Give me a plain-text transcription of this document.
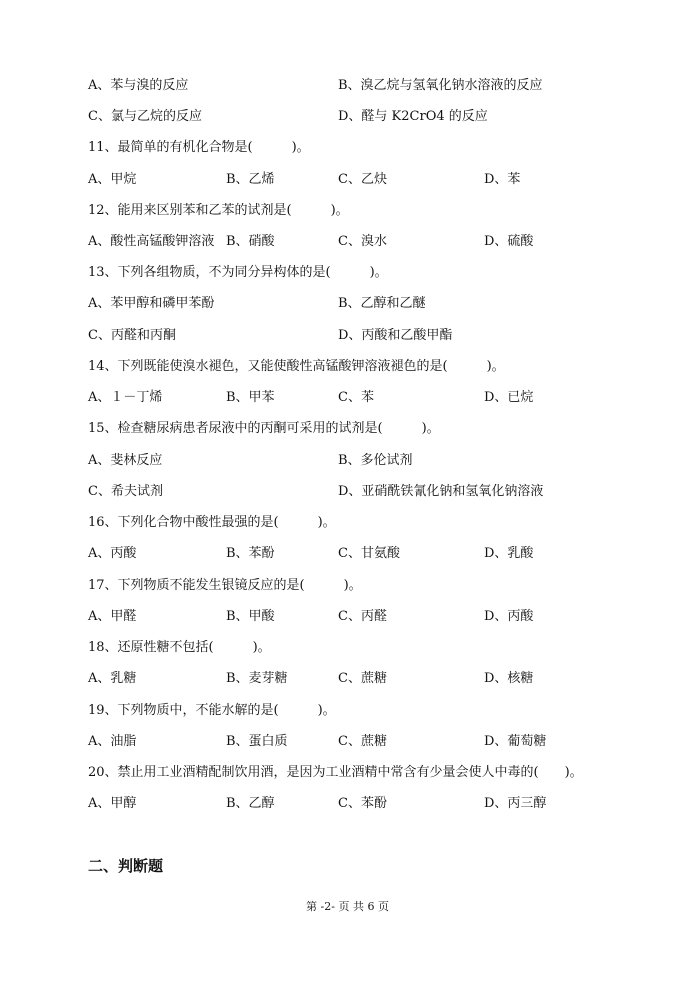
A、苯与溴的反应	B、溴乙烷与氢氧化钠水溶液的反应
C、氯与乙烷的反应	D、醛与 K2CrO4 的反应
11、最简单的有机化合物是(　　　)。
A、甲烷	B、乙烯	C、乙炔	D、苯
12、能用来区别苯和乙苯的试剂是(　　　)。
A、酸性高锰酸钾溶液 B、硝酸	C、溴水	D、硫酸
13、下列各组物质，不为同分异构体的是(　　　)。
A、苯甲醇和磷甲苯酚	B、乙醇和乙醚
C、丙醛和丙酮	D、丙酸和乙酸甲酯
14、下列既能使溴水褪色，又能使酸性高锰酸钾溶液褪色的是(　　　)。
A、１－丁烯	B、甲苯	C、苯	D、已烷
15、检查糖尿病患者尿液中的丙酮可采用的试剂是(　　　)。
A、斐林反应	B、多伦试剂
C、希夫试剂	D、亚硝酰铁氰化钠和氢氧化钠溶液
16、下列化合物中酸性最强的是(　　　)。
A、丙酸	B、苯酚	C、甘氨酸	D、乳酸
17、下列物质不能发生银镜反应的是(　　　)。
A、甲醛	B、甲酸	C、丙醛	D、丙酸
18、还原性糖不包括(　　　)。
A、乳糖	B、麦芽糖	C、蔗糖	D、核糖
19、下列物质中，不能水解的是(　　　)。
A、油脂	B、蛋白质	C、蔗糖	D、葡萄糖
20、禁止用工业酒精配制饮用酒，是因为工业酒精中常含有少量会使人中毒的(　　)。
A、甲醇	B、乙醇	C、苯酚	D、丙三醇
二、判断题
第 -2- 页 共 6 页
